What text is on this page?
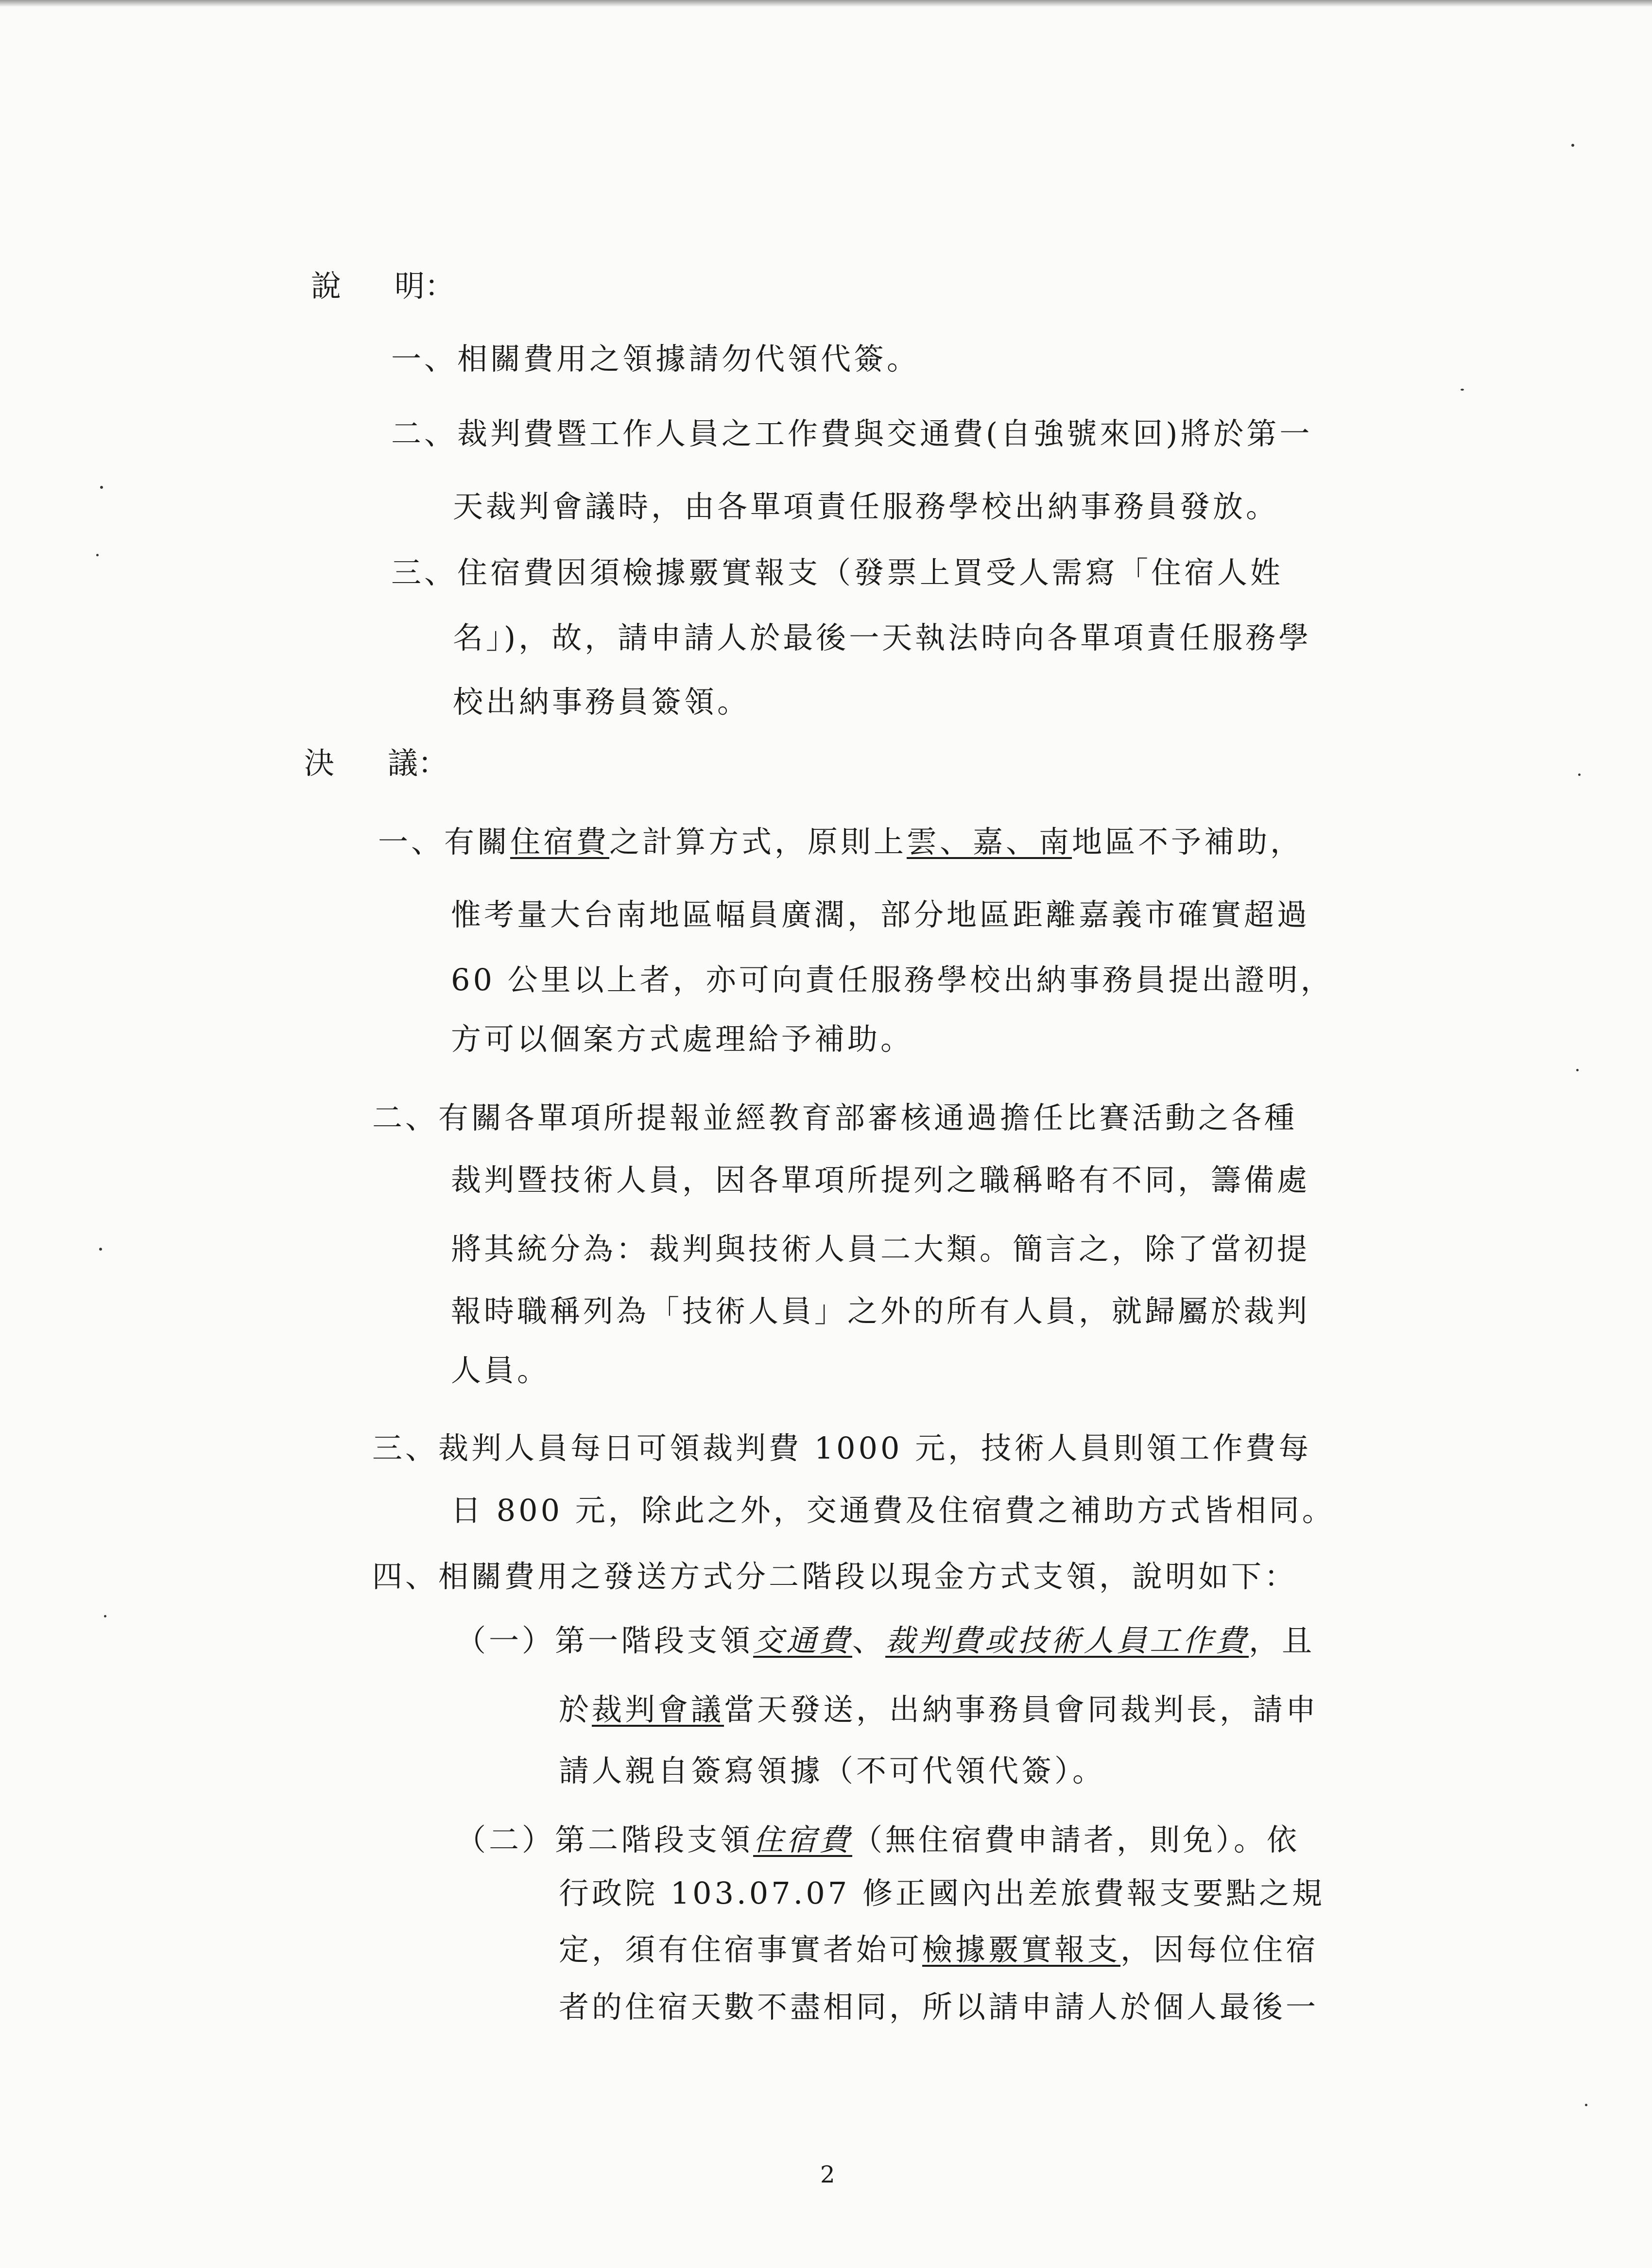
說 明：
一、相關費用之領據請勿代領代簽。
二、裁判費暨工作人員之工作費與交通費(自強號來回)將於第一
天裁判會議時，由各單項責任服務學校出納事務員發放。
三、住宿費因須檢據覈實報支（發票上買受人需寫「住宿人姓
名」)，故，請申請人於最後一天執法時向各單項責任服務學
校出納事務員簽領。
決 議：
一、有關住宿費之計算方式，原則上雲、嘉、南地區不予補助，
惟考量大台南地區幅員廣濶，部分地區距離嘉義市確實超過
60 公里以上者，亦可向責任服務學校出納事務員提出證明，
方可以個案方式處理給予補助。
二、有關各單項所提報並經教育部審核通過擔任比賽活動之各種
裁判暨技術人員，因各單項所提列之職稱略有不同，籌備處
將其統分為：裁判與技術人員二大類。簡言之，除了當初提
報時職稱列為「技術人員」之外的所有人員，就歸屬於裁判
人員。
三、裁判人員每日可領裁判費 1000 元，技術人員則領工作費每
日 800 元，除此之外，交通費及住宿費之補助方式皆相同。
四、相關費用之發送方式分二階段以現金方式支領，說明如下：
（一）第一階段支領交通費、裁判費或技術人員工作費，且
於裁判會議當天發送，出納事務員會同裁判長，請申
請人親自簽寫領據（不可代領代簽）。
（二）第二階段支領住宿費（無住宿費申請者，則免）。依
行政院 103.07.07 修正國內出差旅費報支要點之規
定，須有住宿事實者始可檢據覈實報支，因每位住宿
者的住宿天數不盡相同，所以請申請人於個人最後一
2
